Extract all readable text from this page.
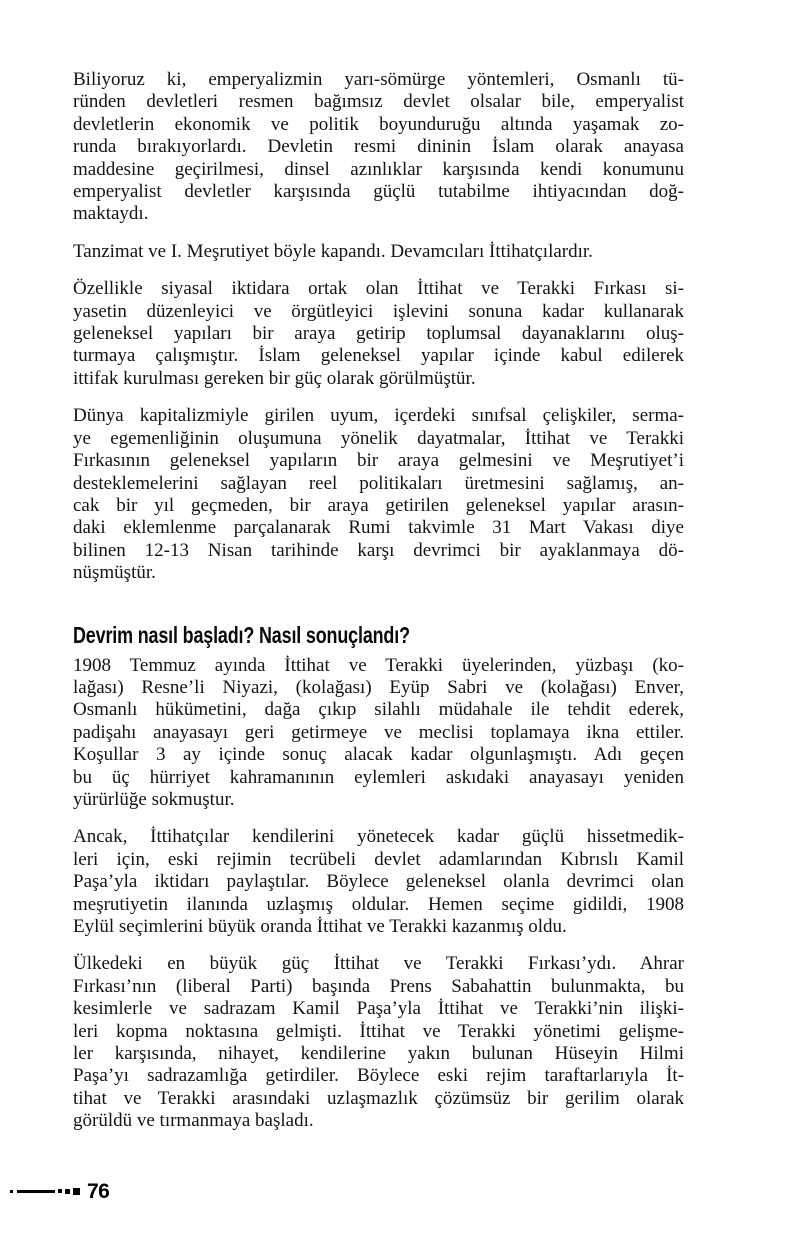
Biliyoruz ki, emperyalizmin yarı-sömürge yöntemleri, Osmanlı tü-
ründen devletleri resmen bağımsız devlet olsalar bile, emperyalist
devletlerin ekonomik ve politik boyunduruğu altında yaşamak zo-
runda bırakıyorlardı. Devletin resmi dininin İslam olarak anayasa
maddesine geçirilmesi, dinsel azınlıklar karşısında kendi konumunu
emperyalist devletler karşısında güçlü tutabilme ihtiyacından doğ-
maktaydı.
Tanzimat ve I. Meşrutiyet böyle kapandı. Devamcıları İttihatçılardır.
Özellikle siyasal iktidara ortak olan İttihat ve Terakki Fırkası si-
yasetin düzenleyici ve örgütleyici işlevini sonuna kadar kullanarak
geleneksel yapıları bir araya getirip toplumsal dayanaklarını oluş-
turmaya çalışmıştır. İslam geleneksel yapılar içinde kabul edilerek
ittifak kurulması gereken bir güç olarak görülmüştür.
Dünya kapitalizmiyle girilen uyum, içerdeki sınıfsal çelişkiler, serma-
ye egemenliğinin oluşumuna yönelik dayatmalar, İttihat ve Terakki
Fırkasının geleneksel yapıların bir araya gelmesini ve Meşrutiyet’i
desteklemelerini sağlayan reel politikaları üretmesini sağlamış, an-
cak bir yıl geçmeden, bir araya getirilen geleneksel yapılar arasın-
daki eklemlenme parçalanarak Rumi takvimle 31 Mart Vakası diye
bilinen 12-13 Nisan tarihinde karşı devrimci bir ayaklanmaya dö-
nüşmüştür.
Devrim nasıl başladı? Nasıl sonuçlandı?
1908 Temmuz ayında İttihat ve Terakki üyelerinden, yüzbaşı (ko-
lağası) Resne’li Niyazi, (kolağası) Eyüp Sabri ve (kolağası) Enver,
Osmanlı hükümetini, dağa çıkıp silahlı müdahale ile tehdit ederek,
padişahı anayasayı geri getirmeye ve meclisi toplamaya ikna ettiler.
Koşullar 3 ay içinde sonuç alacak kadar olgunlaşmıştı. Adı geçen
bu üç hürriyet kahramanının eylemleri askıdaki anayasayı yeniden
yürürlüğe sokmuştur.
Ancak, İttihatçılar kendilerini yönetecek kadar güçlü hissetmedik-
leri için, eski rejimin tecrübeli devlet adamlarından Kıbrıslı Kamil
Paşa’yla iktidarı paylaştılar. Böylece geleneksel olanla devrimci olan
meşrutiyetin ilanında uzlaşmış oldular. Hemen seçime gidildi, 1908
Eylül seçimlerini büyük oranda İttihat ve Terakki kazanmış oldu.
Ülkedeki en büyük güç İttihat ve Terakki Fırkası’ydı. Ahrar
Fırkası’nın (liberal Parti) başında Prens Sabahattin bulunmakta, bu
kesimlerle ve sadrazam Kamil Paşa’yla İttihat ve Terakki’nin ilişki-
leri kopma noktasına gelmişti. İttihat ve Terakki yönetimi gelişme-
ler karşısında, nihayet, kendilerine yakın bulunan Hüseyin Hilmi
Paşa’yı sadrazamlığa getirdiler. Böylece eski rejim taraftarlarıyla İt-
tihat ve Terakki arasındaki uzlaşmazlık çözümsüz bir gerilim olarak
görüldü ve tırmanmaya başladı.
76
